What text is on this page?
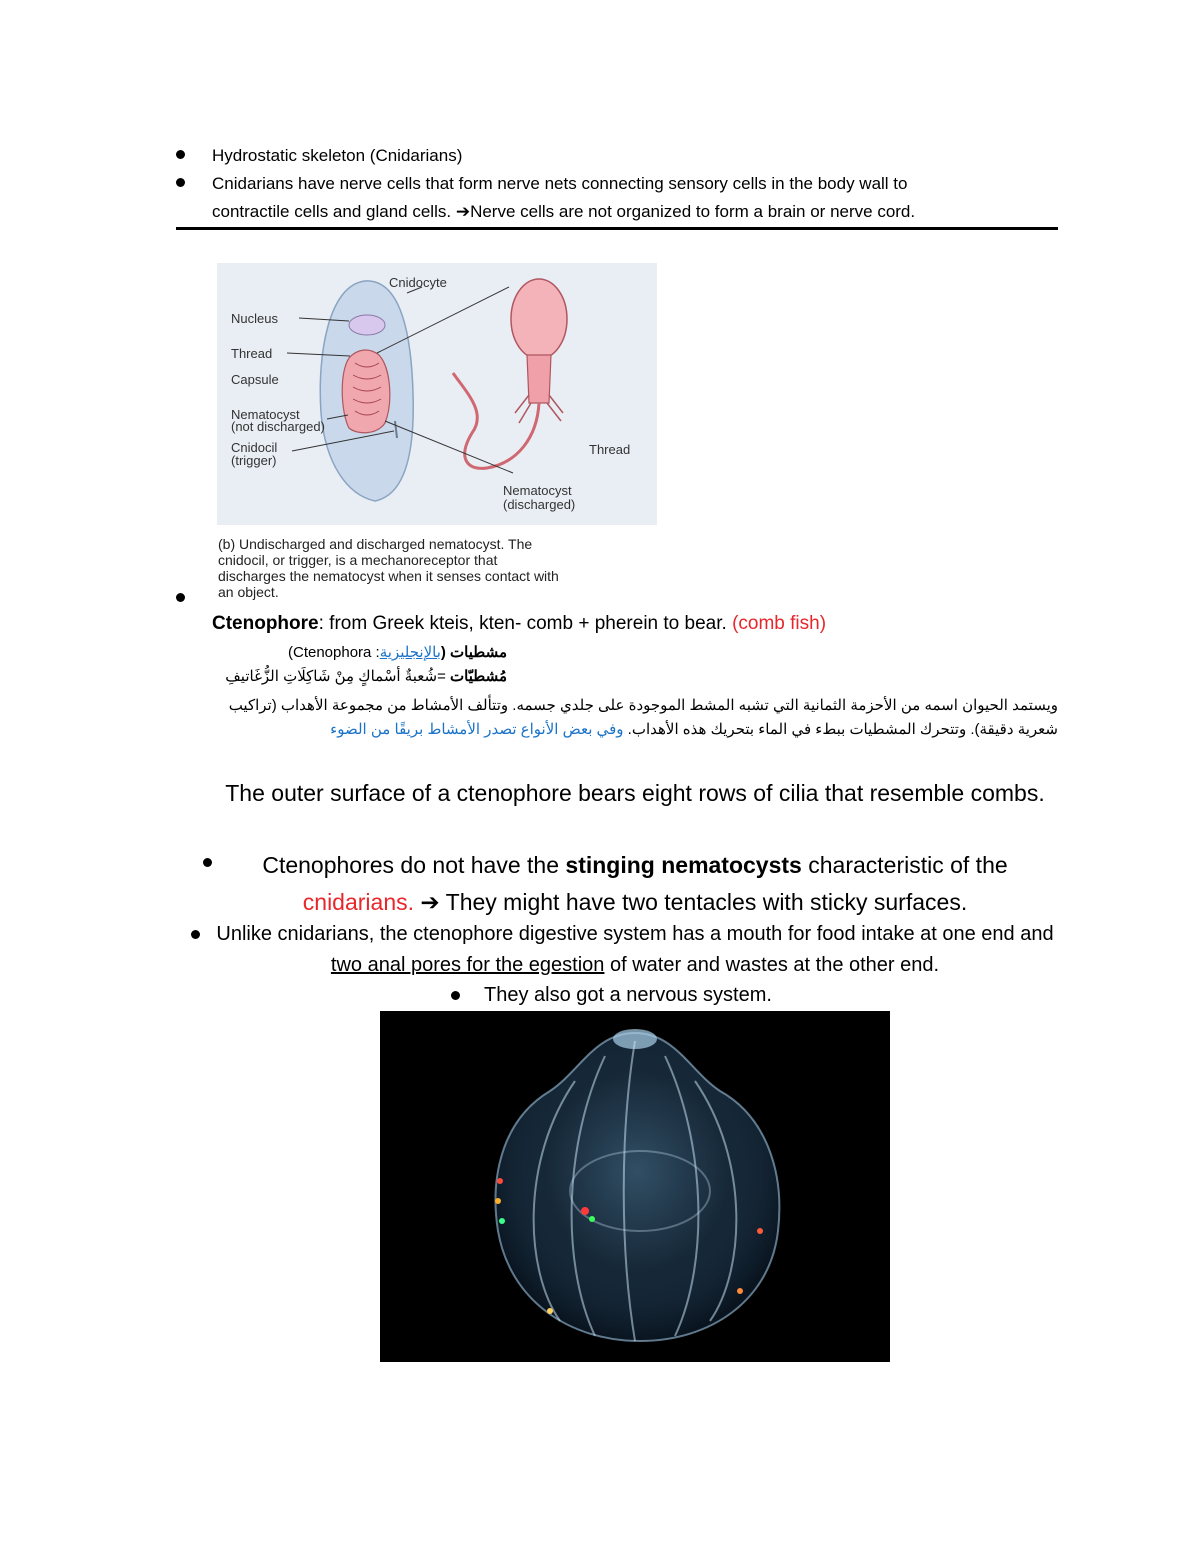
Hydrostatic skeleton (Cnidarians)
Cnidarians have nerve cells that form nerve nets connecting sensory cells in the body wall to
contractile cells and gland cells. ➔Nerve cells are not organized to form a brain or nerve cord.
Cnidocyte
Nucleus
Thread
Capsule
Nematocyst
(not discharged)
Cnidocil
(trigger)
Thread
Nematocyst
(discharged)
(b) Undischarged and discharged nematocyst. The
cnidocil, or trigger, is a mechanoreceptor that
discharges the nematocyst when it senses contact with
an object.
Ctenophore: from Greek kteis, kten- comb + pherein to bear. (comb fish)
مشطيات (بالإنجليزية: Ctenophora)
مُشطيّات =شُعبةٌ أسْماكٍ مِنْ شَاكِلَاتِ الزُّغَاتيفِ
ويستمد الحيوان اسمه من الأحزمة الثمانية التي تشبه المشط الموجودة على جلدي جسمه. وتتألف الأمشاط من مجموعة الأهداب (تراكيب شعرية دقيقة). وتتحرك المشطيات ببطء في الماء بتحريك هذه الأهداب. وفي بعض الأنواع تصدر الأمشاط بريقًا من الضوء
The outer surface of a ctenophore bears eight rows of cilia that resemble combs.
Ctenophores do not have the stinging nematocysts characteristic of the cnidarians. ➔ They might have two tentacles with sticky surfaces.
Unlike cnidarians, the ctenophore digestive system has a mouth for food intake at one end and two anal pores for the egestion of water and wastes at the other end.
They also got a nervous system.
